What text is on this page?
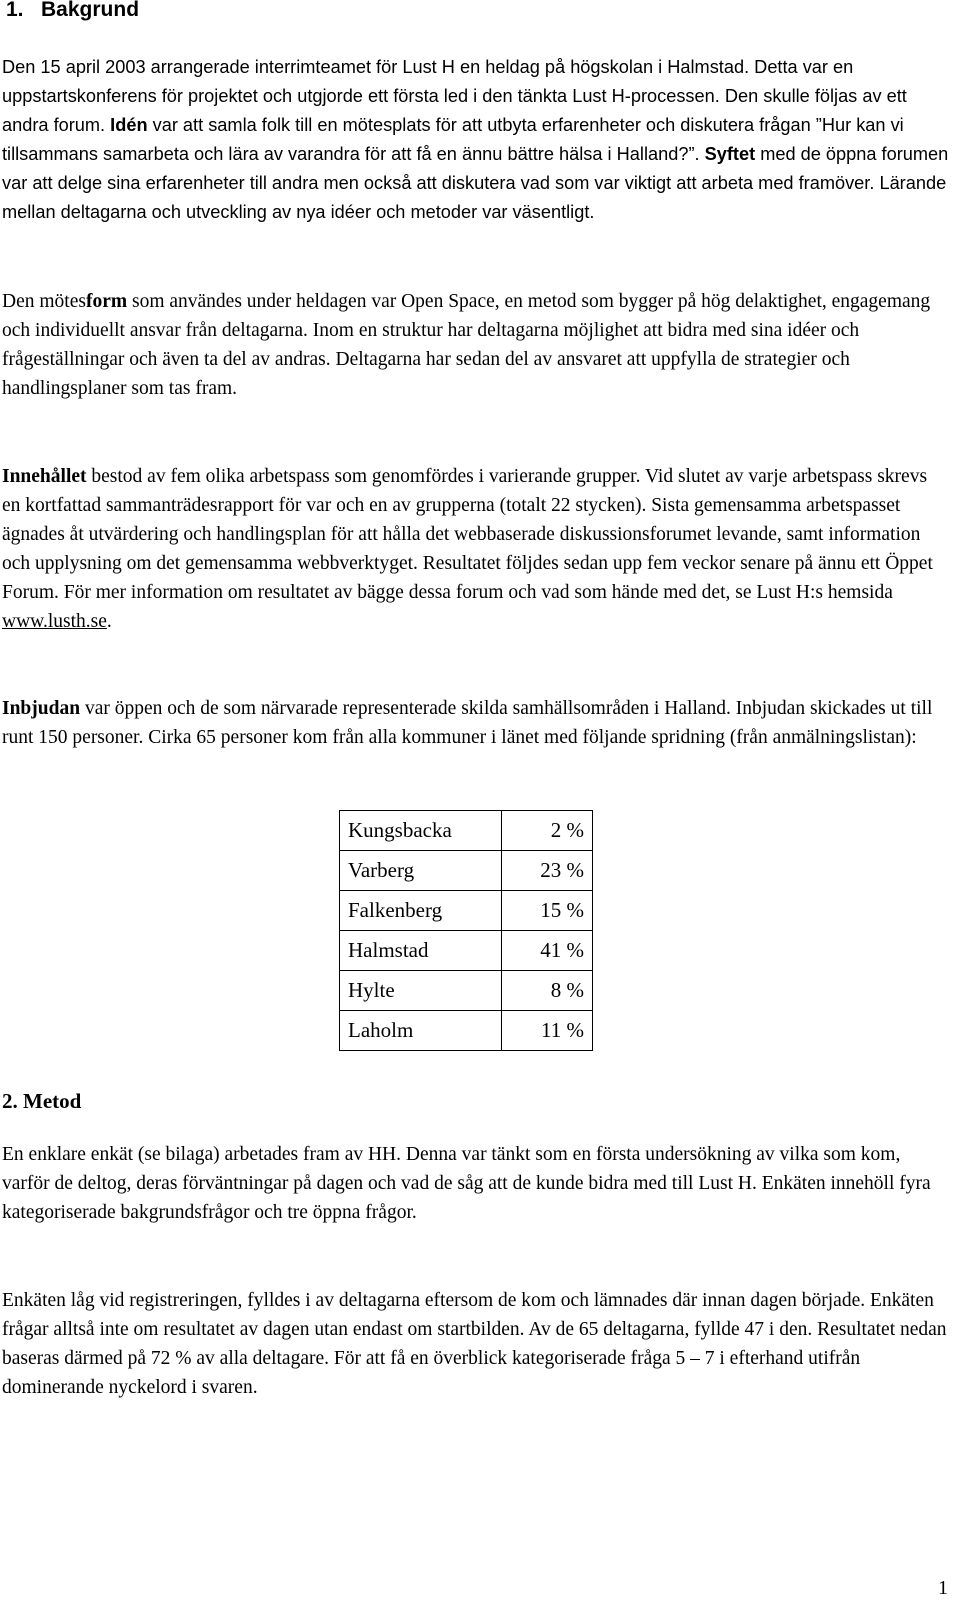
1.   Bakgrund

Den 15 april 2003 arrangerade interrimteamet för Lust H en heldag på högskolan i Halmstad. Detta var en uppstartskonferens för projektet och utgjorde ett första led i den tänkta Lust H-processen. Den skulle följas av ett andra forum. Idén var att samla folk till en mötesplats för att utbyta erfarenheter och diskutera frågan ”Hur kan vi tillsammans samarbeta och lära av varandra för att få en ännu bättre hälsa i Halland?”. Syftet med de öppna forumen var att delge sina erfarenheter till andra men också att diskutera vad som var viktigt att arbeta med framöver. Lärande mellan deltagarna och utveckling av nya idéer och metoder var väsentligt.

Den mötesform som användes under heldagen var Open Space, en metod som bygger på hög delaktighet, engagemang och individuellt ansvar från deltagarna. Inom en struktur har deltagarna möjlighet att bidra med sina idéer och frågeställningar och även ta del av andras. Deltagarna har sedan del av ansvaret att uppfylla de strategier och handlingsplaner som tas fram.

Innehållet bestod av fem olika arbetspass som genomfördes i varierande grupper. Vid slutet av varje arbetspass skrevs en kortfattad sammanträdesrapport för var och en av grupperna (totalt 22 stycken). Sista gemensamma arbetspasset ägnades åt utvärdering och handlingsplan för att hålla det webbaserade diskussionsforumet levande, samt information och upplysning om det gemensamma webbverktyget. Resultatet följdes sedan upp fem veckor senare på ännu ett Öppet Forum. För mer information om resultatet av bägge dessa forum och vad som hände med det, se Lust H:s hemsida www.lusth.se.

Inbjudan var öppen och de som närvarade representerade skilda samhällsområden i Halland. Inbjudan skickades ut till runt 150 personer. Cirka 65 personer kom från alla kommuner i länet med följande spridning (från anmälningslistan):

Kungsbacka	2 %
Varberg	23 %
Falkenberg	15 %
Halmstad	41 %
Hylte	8 %
Laholm	11 %
2. Metod

En enklare enkät (se bilaga) arbetades fram av HH. Denna var tänkt som en första undersökning av vilka som kom, varför de deltog, deras förväntningar på dagen och vad de såg att de kunde bidra med till Lust H. Enkäten innehöll fyra kategoriserade bakgrundsfrågor och tre öppna frågor.

Enkäten låg vid registreringen, fylldes i av deltagarna eftersom de kom och lämnades där innan dagen började. Enkäten frågar alltså inte om resultatet av dagen utan endast om startbilden. Av de 65 deltagarna, fyllde 47 i den. Resultatet nedan baseras därmed på 72 % av alla deltagare. För att få en överblick kategoriserade fråga 5 – 7 i efterhand utifrån dominerande nyckelord i svaren.

1
